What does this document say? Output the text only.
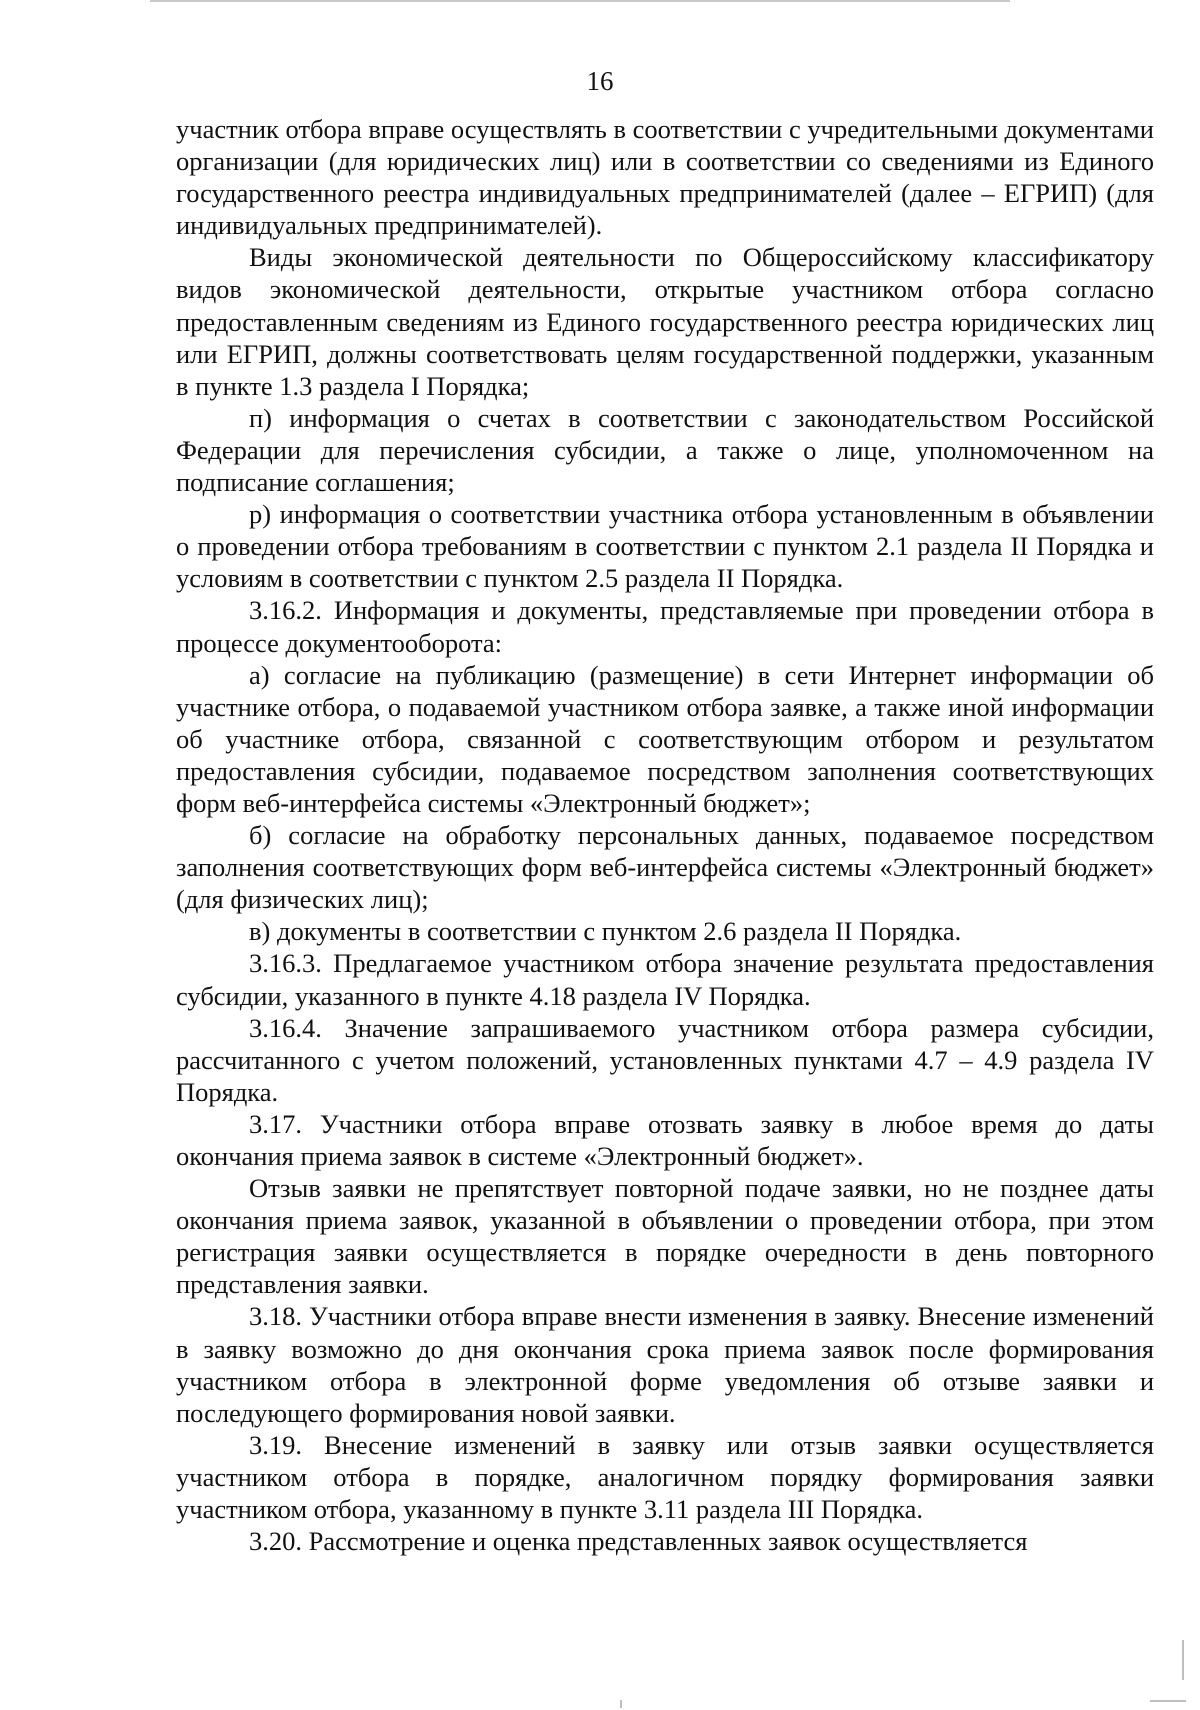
16

участник отбора вправе осуществлять в соответствии с учредительными документами организации (для юридических лиц) или в соответствии со сведениями из Единого государственного реестра индивидуальных предпринимателей (далее – ЕГРИП) (для индивидуальных предпринимателей).

Виды экономической деятельности по Общероссийскому классификатору видов экономической деятельности, открытые участником отбора согласно предоставленным сведениям из Единого государственного реестра юридических лиц или ЕГРИП, должны соответствовать целям государственной поддержки, указанным в пункте 1.3 раздела I Порядка;

п) информация о счетах в соответствии с законодательством Российской Федерации для перечисления субсидии, а также о лице, уполномоченном на подписание соглашения;

р) информация о соответствии участника отбора установленным в объявлении о проведении отбора требованиям в соответствии с пунктом 2.1 раздела II Порядка и условиям в соответствии с пунктом 2.5 раздела II Порядка.

3.16.2. Информация и документы, представляемые при проведении отбора в процессе документооборота:

а) согласие на публикацию (размещение) в сети Интернет информации об участнике отбора, о подаваемой участником отбора заявке, а также иной информации об участнике отбора, связанной с соответствующим отбором и результатом предоставления субсидии, подаваемое посредством заполнения соответствующих форм веб-интерфейса системы «Электронный бюджет»;

б) согласие на обработку персональных данных, подаваемое посредством заполнения соответствующих форм веб-интерфейса системы «Электронный бюджет» (для физических лиц);

в) документы в соответствии с пунктом 2.6 раздела II Порядка.

3.16.3. Предлагаемое участником отбора значение результата предоставления субсидии, указанного в пункте 4.18 раздела IV Порядка.

3.16.4. Значение запрашиваемого участником отбора размера субсидии, рассчитанного с учетом положений, установленных пунктами 4.7 – 4.9 раздела IV Порядка.

3.17. Участники отбора вправе отозвать заявку в любое время до даты окончания приема заявок в системе «Электронный бюджет».

Отзыв заявки не препятствует повторной подаче заявки, но не позднее даты окончания приема заявок, указанной в объявлении о проведении отбора, при этом регистрация заявки осуществляется в порядке очередности в день повторного представления заявки.

3.18. Участники отбора вправе внести изменения в заявку. Внесение изменений в заявку возможно до дня окончания срока приема заявок после формирования участником отбора в электронной форме уведомления об отзыве заявки и последующего формирования новой заявки.

3.19. Внесение изменений в заявку или отзыв заявки осуществляется участником отбора в порядке, аналогичном порядку формирования заявки участником отбора, указанному в пункте 3.11 раздела III Порядка.

3.20. Рассмотрение и оценка представленных заявок осуществляется
